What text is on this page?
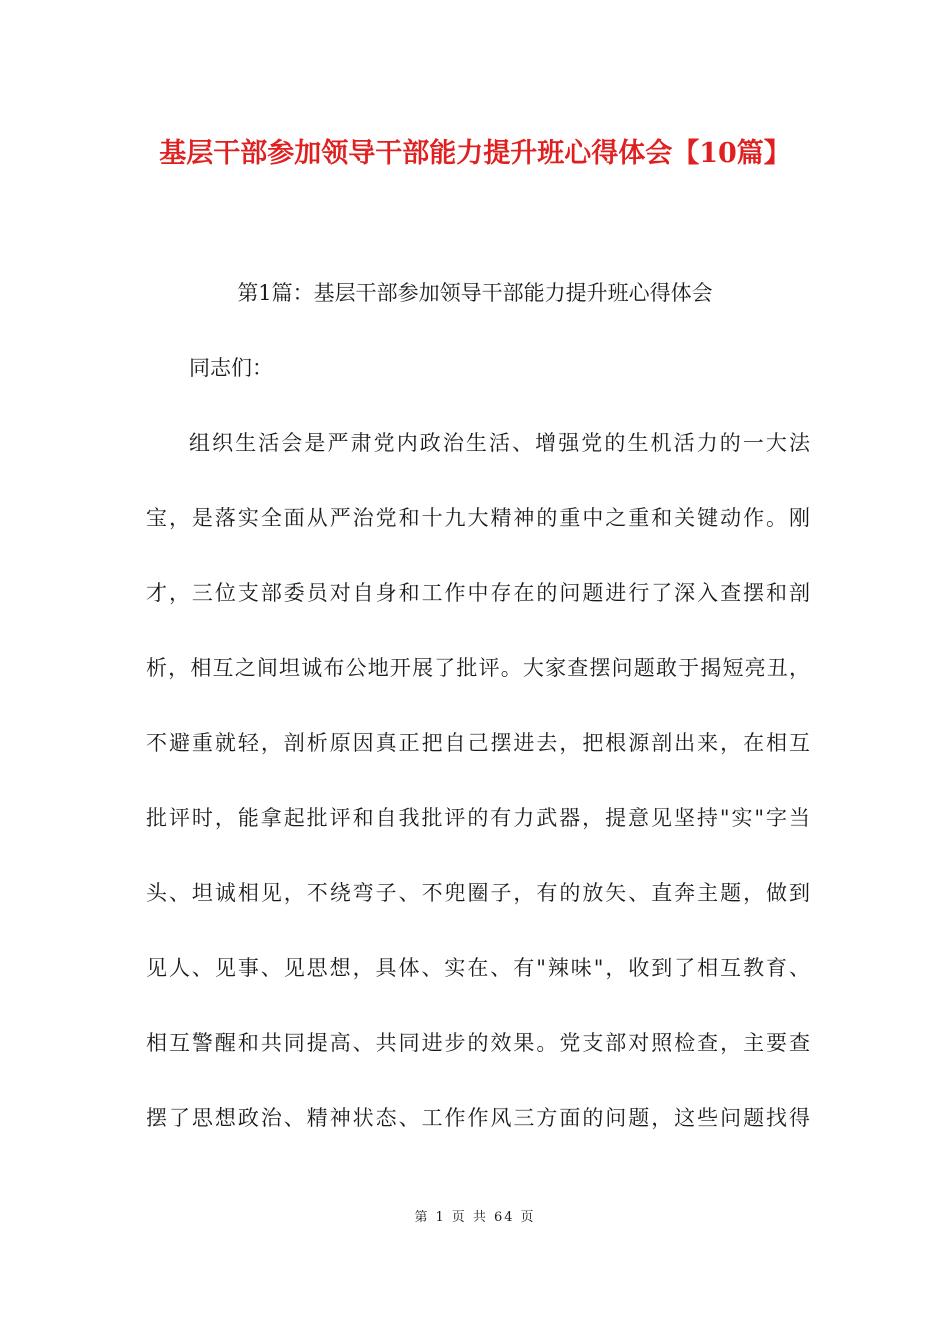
基层干部参加领导干部能力提升班心得体会【10篇】
第1篇：基层干部参加领导干部能力提升班心得体会
同志们：
组织生活会是严肃党内政治生活、增强党的生机活力的一大法
宝，是落实全面从严治党和十九大精神的重中之重和关键动作。刚
才，三位支部委员对自身和工作中存在的问题进行了深入查摆和剖
析，相互之间坦诚布公地开展了批评。大家查摆问题敢于揭短亮丑，
不避重就轻，剖析原因真正把自己摆进去，把根源剖出来，在相互
批评时，能拿起批评和自我批评的有力武器，提意见坚持"实"字当
头、坦诚相见，不绕弯子、不兜圈子，有的放矢、直奔主题，做到
见人、见事、见思想，具体、实在、有"辣味"，收到了相互教育、
相互警醒和共同提高、共同进步的效果。党支部对照检查，主要查
摆了思想政治、精神状态、工作作风三方面的问题，这些问题找得
第 1 页 共 64 页
